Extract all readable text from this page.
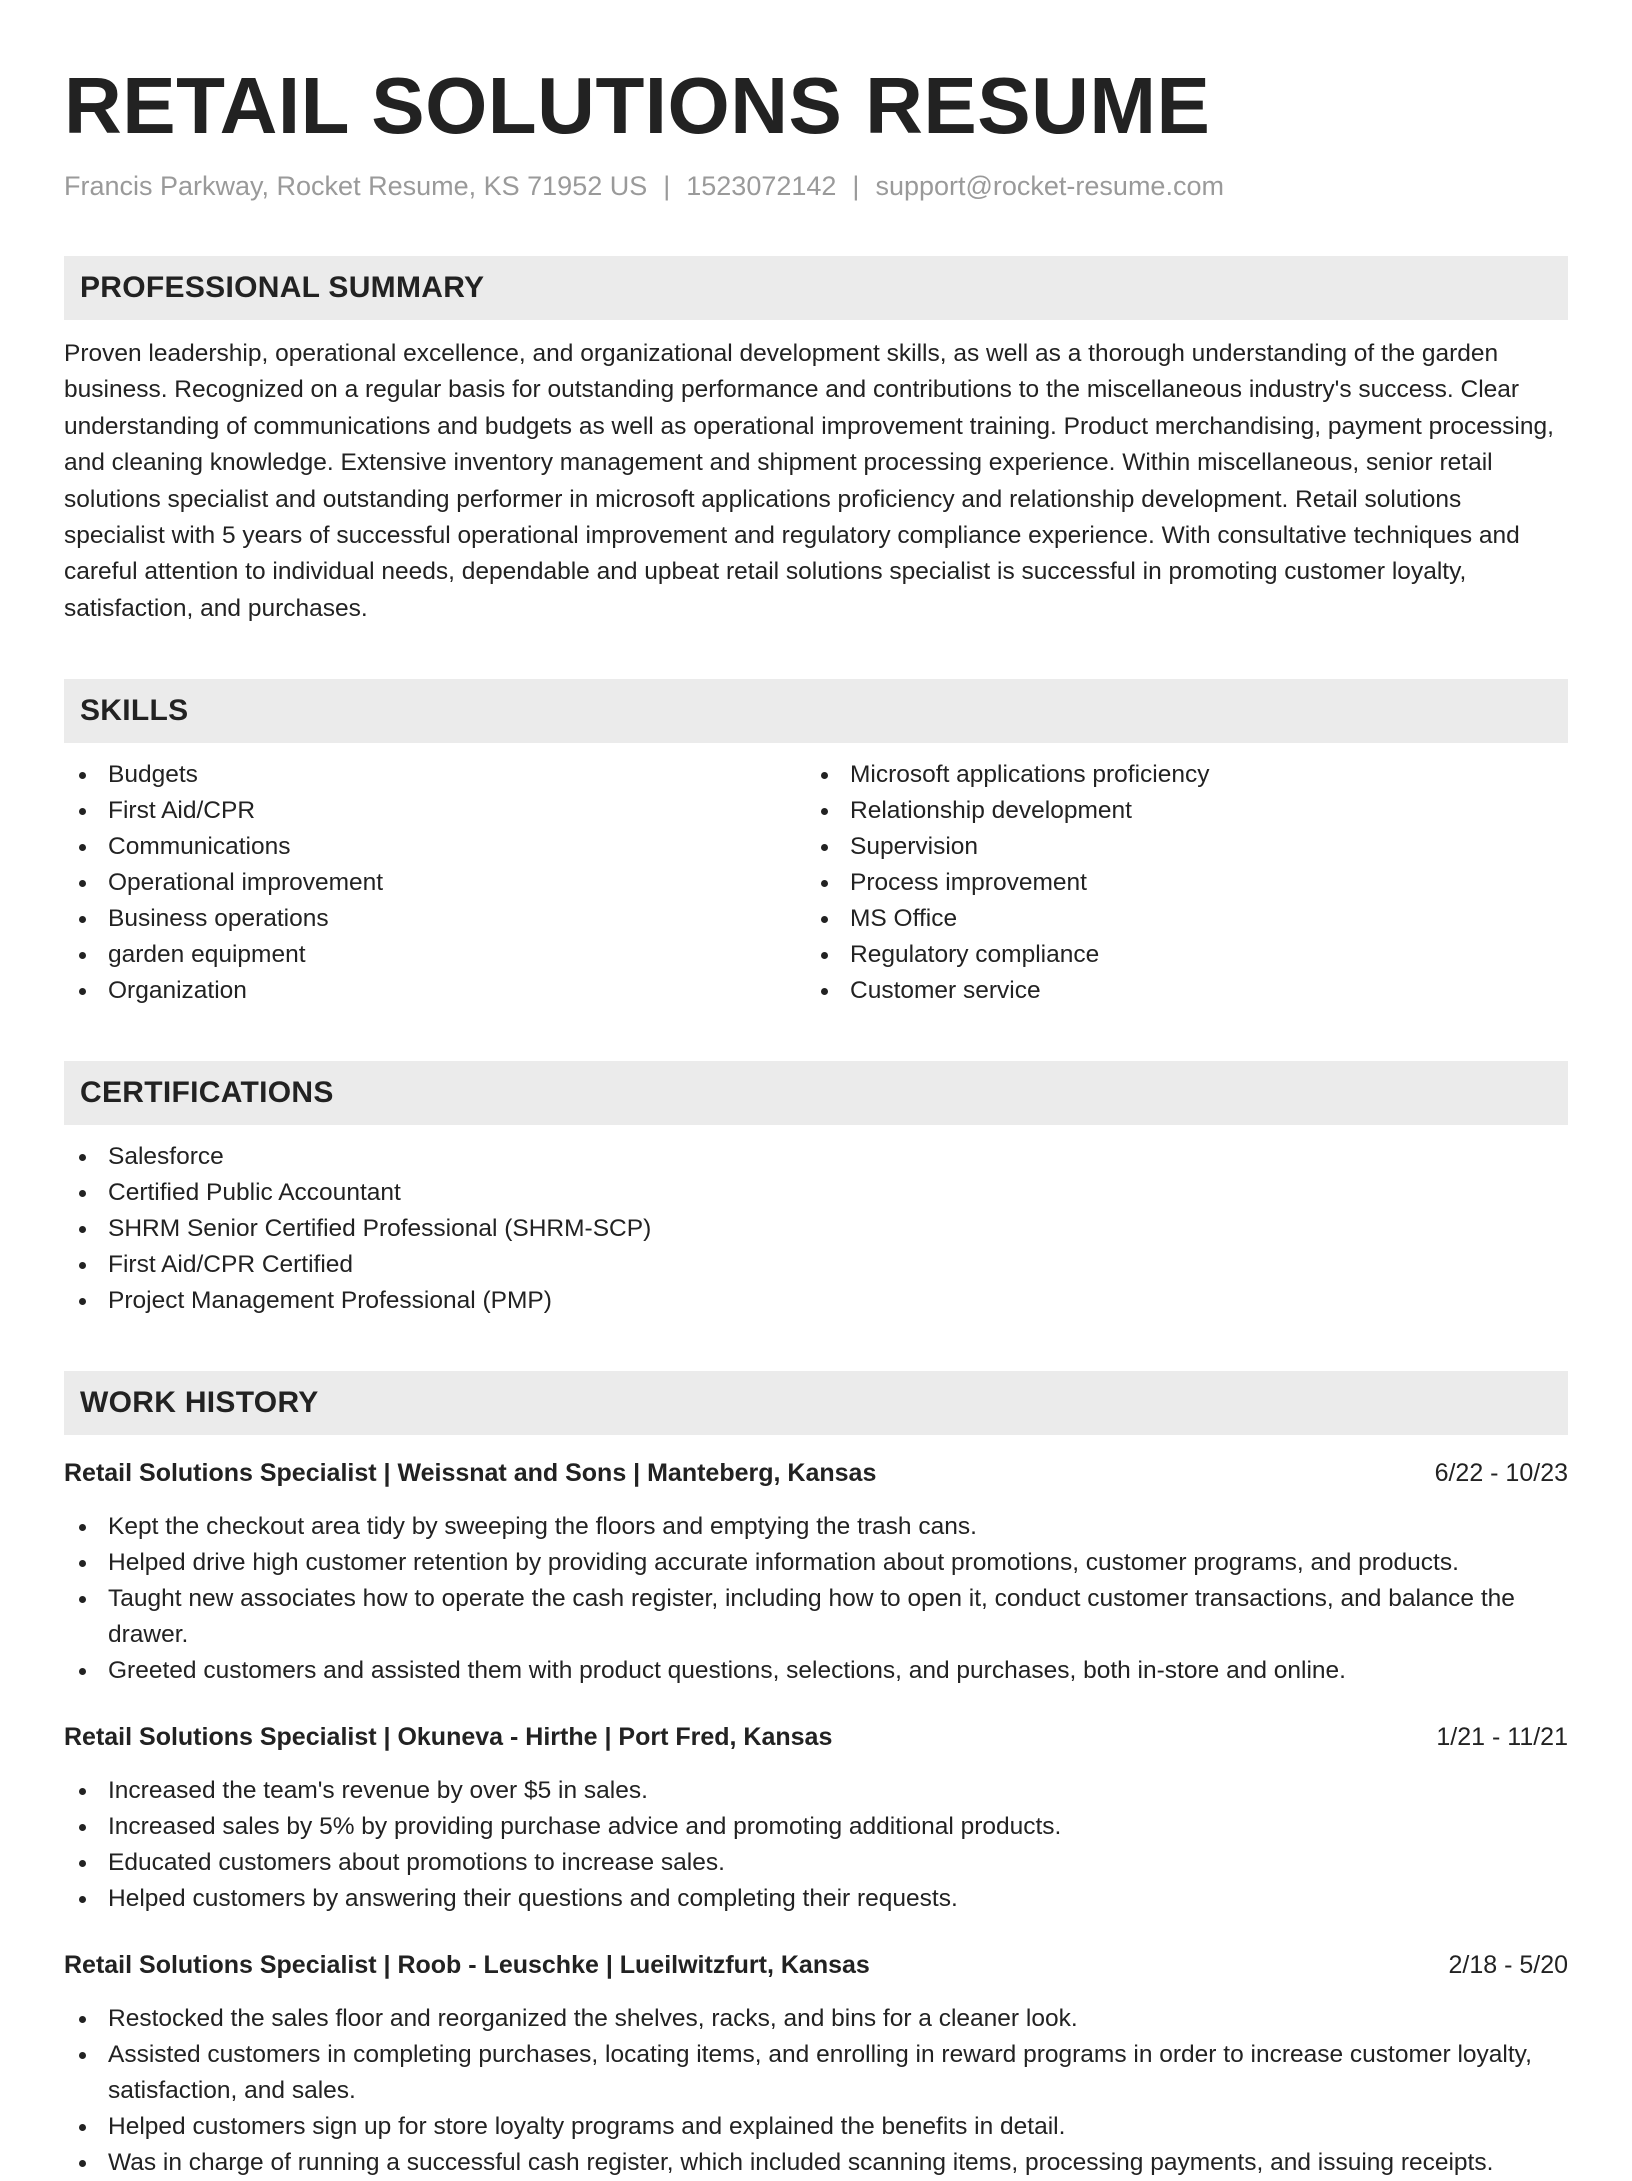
RETAIL SOLUTIONS RESUME
Francis Parkway, Rocket Resume, KS 71952 US | 1523072142 | support@rocket-resume.com
PROFESSIONAL SUMMARY

Proven leadership, operational excellence, and organizational development skills, as well as a thorough understanding of the garden business. Recognized on a regular basis for outstanding performance and contributions to the miscellaneous industry's success. Clear understanding of communications and budgets as well as operational improvement training. Product merchandising, payment processing, and cleaning knowledge. Extensive inventory management and shipment processing experience. Within miscellaneous, senior retail solutions specialist and outstanding performer in microsoft applications proficiency and relationship development. Retail solutions specialist with 5 years of successful operational improvement and regulatory compliance experience. With consultative techniques and careful attention to individual needs, dependable and upbeat retail solutions specialist is successful in promoting customer loyalty, satisfaction, and purchases.

SKILLS
Budgets
First Aid/CPR
Communications
Operational improvement
Business operations
garden equipment
Organization
Microsoft applications proficiency
Relationship development
Supervision
Process improvement
MS Office
Regulatory compliance
Customer service
CERTIFICATIONS
Salesforce
Certified Public Accountant
SHRM Senior Certified Professional (SHRM-SCP)
First Aid/CPR Certified
Project Management Professional (PMP)
WORK HISTORY
Retail Solutions Specialist | Weissnat and Sons | Manteberg, Kansas	6/22 - 10/23
Kept the checkout area tidy by sweeping the floors and emptying the trash cans.
Helped drive high customer retention by providing accurate information about promotions, customer programs, and products.
Taught new associates how to operate the cash register, including how to open it, conduct customer transactions, and balance the drawer.
Greeted customers and assisted them with product questions, selections, and purchases, both in-store and online.
Retail Solutions Specialist | Okuneva - Hirthe | Port Fred, Kansas	1/21 - 11/21
Increased the team's revenue by over $5 in sales.
Increased sales by 5% by providing purchase advice and promoting additional products.
Educated customers about promotions to increase sales.
Helped customers by answering their questions and completing their requests.
Retail Solutions Specialist | Roob - Leuschke | Lueilwitzfurt, Kansas	2/18 - 5/20
Restocked the sales floor and reorganized the shelves, racks, and bins for a cleaner look.
Assisted customers in completing purchases, locating items, and enrolling in reward programs in order to increase customer loyalty, satisfaction, and sales.
Helped customers sign up for store loyalty programs and explained the benefits in detail.
Was in charge of running a successful cash register, which included scanning items, processing payments, and issuing receipts.
